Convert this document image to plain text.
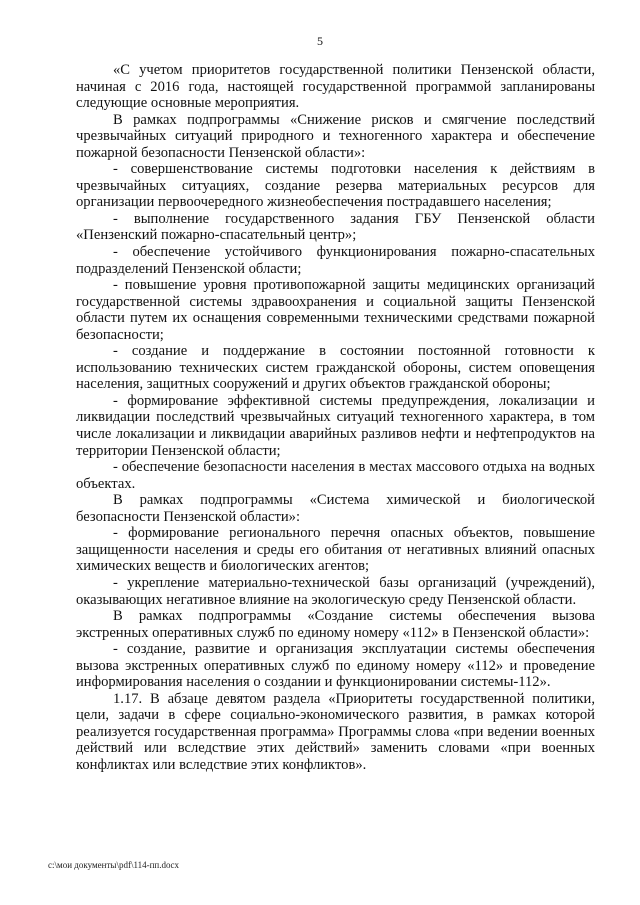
5

«С учетом приоритетов государственной политики Пензенской области, начиная с 2016 года, настоящей государственной программой запланированы следующие основные мероприятия.

В рамках подпрограммы «Снижение рисков и смягчение последствий чрезвычайных ситуаций природного и техногенного характера и обеспечение пожарной безопасности Пензенской области»:

- совершенствование системы подготовки населения к действиям в чрезвычайных ситуациях, создание резерва материальных ресурсов для организации первоочередного жизнеобеспечения пострадавшего населения;

- выполнение государственного задания ГБУ Пензенской области «Пензенский пожарно-спасательный центр»;

- обеспечение устойчивого функционирования пожарно-спасательных подразделений Пензенской области;

- повышение уровня противопожарной защиты медицинских организаций государственной системы здравоохранения и социальной защиты Пензенской области путем их оснащения современными техническими средствами пожарной безопасности;

- создание и поддержание в состоянии постоянной готовности к использованию технических систем гражданской обороны, систем оповещения населения, защитных сооружений и других объектов гражданской обороны;

- формирование эффективной системы предупреждения, локализации и ликвидации последствий чрезвычайных ситуаций техногенного характера, в том числе локализации и ликвидации аварийных разливов нефти и нефтепродуктов на территории Пензенской области;

- обеспечение безопасности населения в местах массового отдыха на водных объектах.

В рамках подпрограммы «Система химической и биологической безопасности Пензенской области»:

- формирование регионального перечня опасных объектов, повышение защищенности населения и среды его обитания от негативных влияний опасных химических веществ и биологических агентов;

- укрепление материально-технической базы организаций (учреждений), оказывающих негативное влияние на экологическую среду Пензенской области.

В рамках подпрограммы «Создание системы обеспечения вызова экстренных оперативных служб по единому номеру «112» в Пензенской области»:

- создание, развитие и организация эксплуатации системы обеспечения вызова экстренных оперативных служб по единому номеру «112» и проведение информирования населения о создании и функционировании системы-112».

1.17. В абзаце девятом раздела «Приоритеты государственной политики, цели, задачи в сфере социально-экономического развития, в рамках которой реализуется государственная программа» Программы слова «при ведении военных действий или вследствие этих действий» заменить словами «при военных конфликтах или вследствие этих конфликтов».

c:\мои документы\pdf\114-пп.docx
